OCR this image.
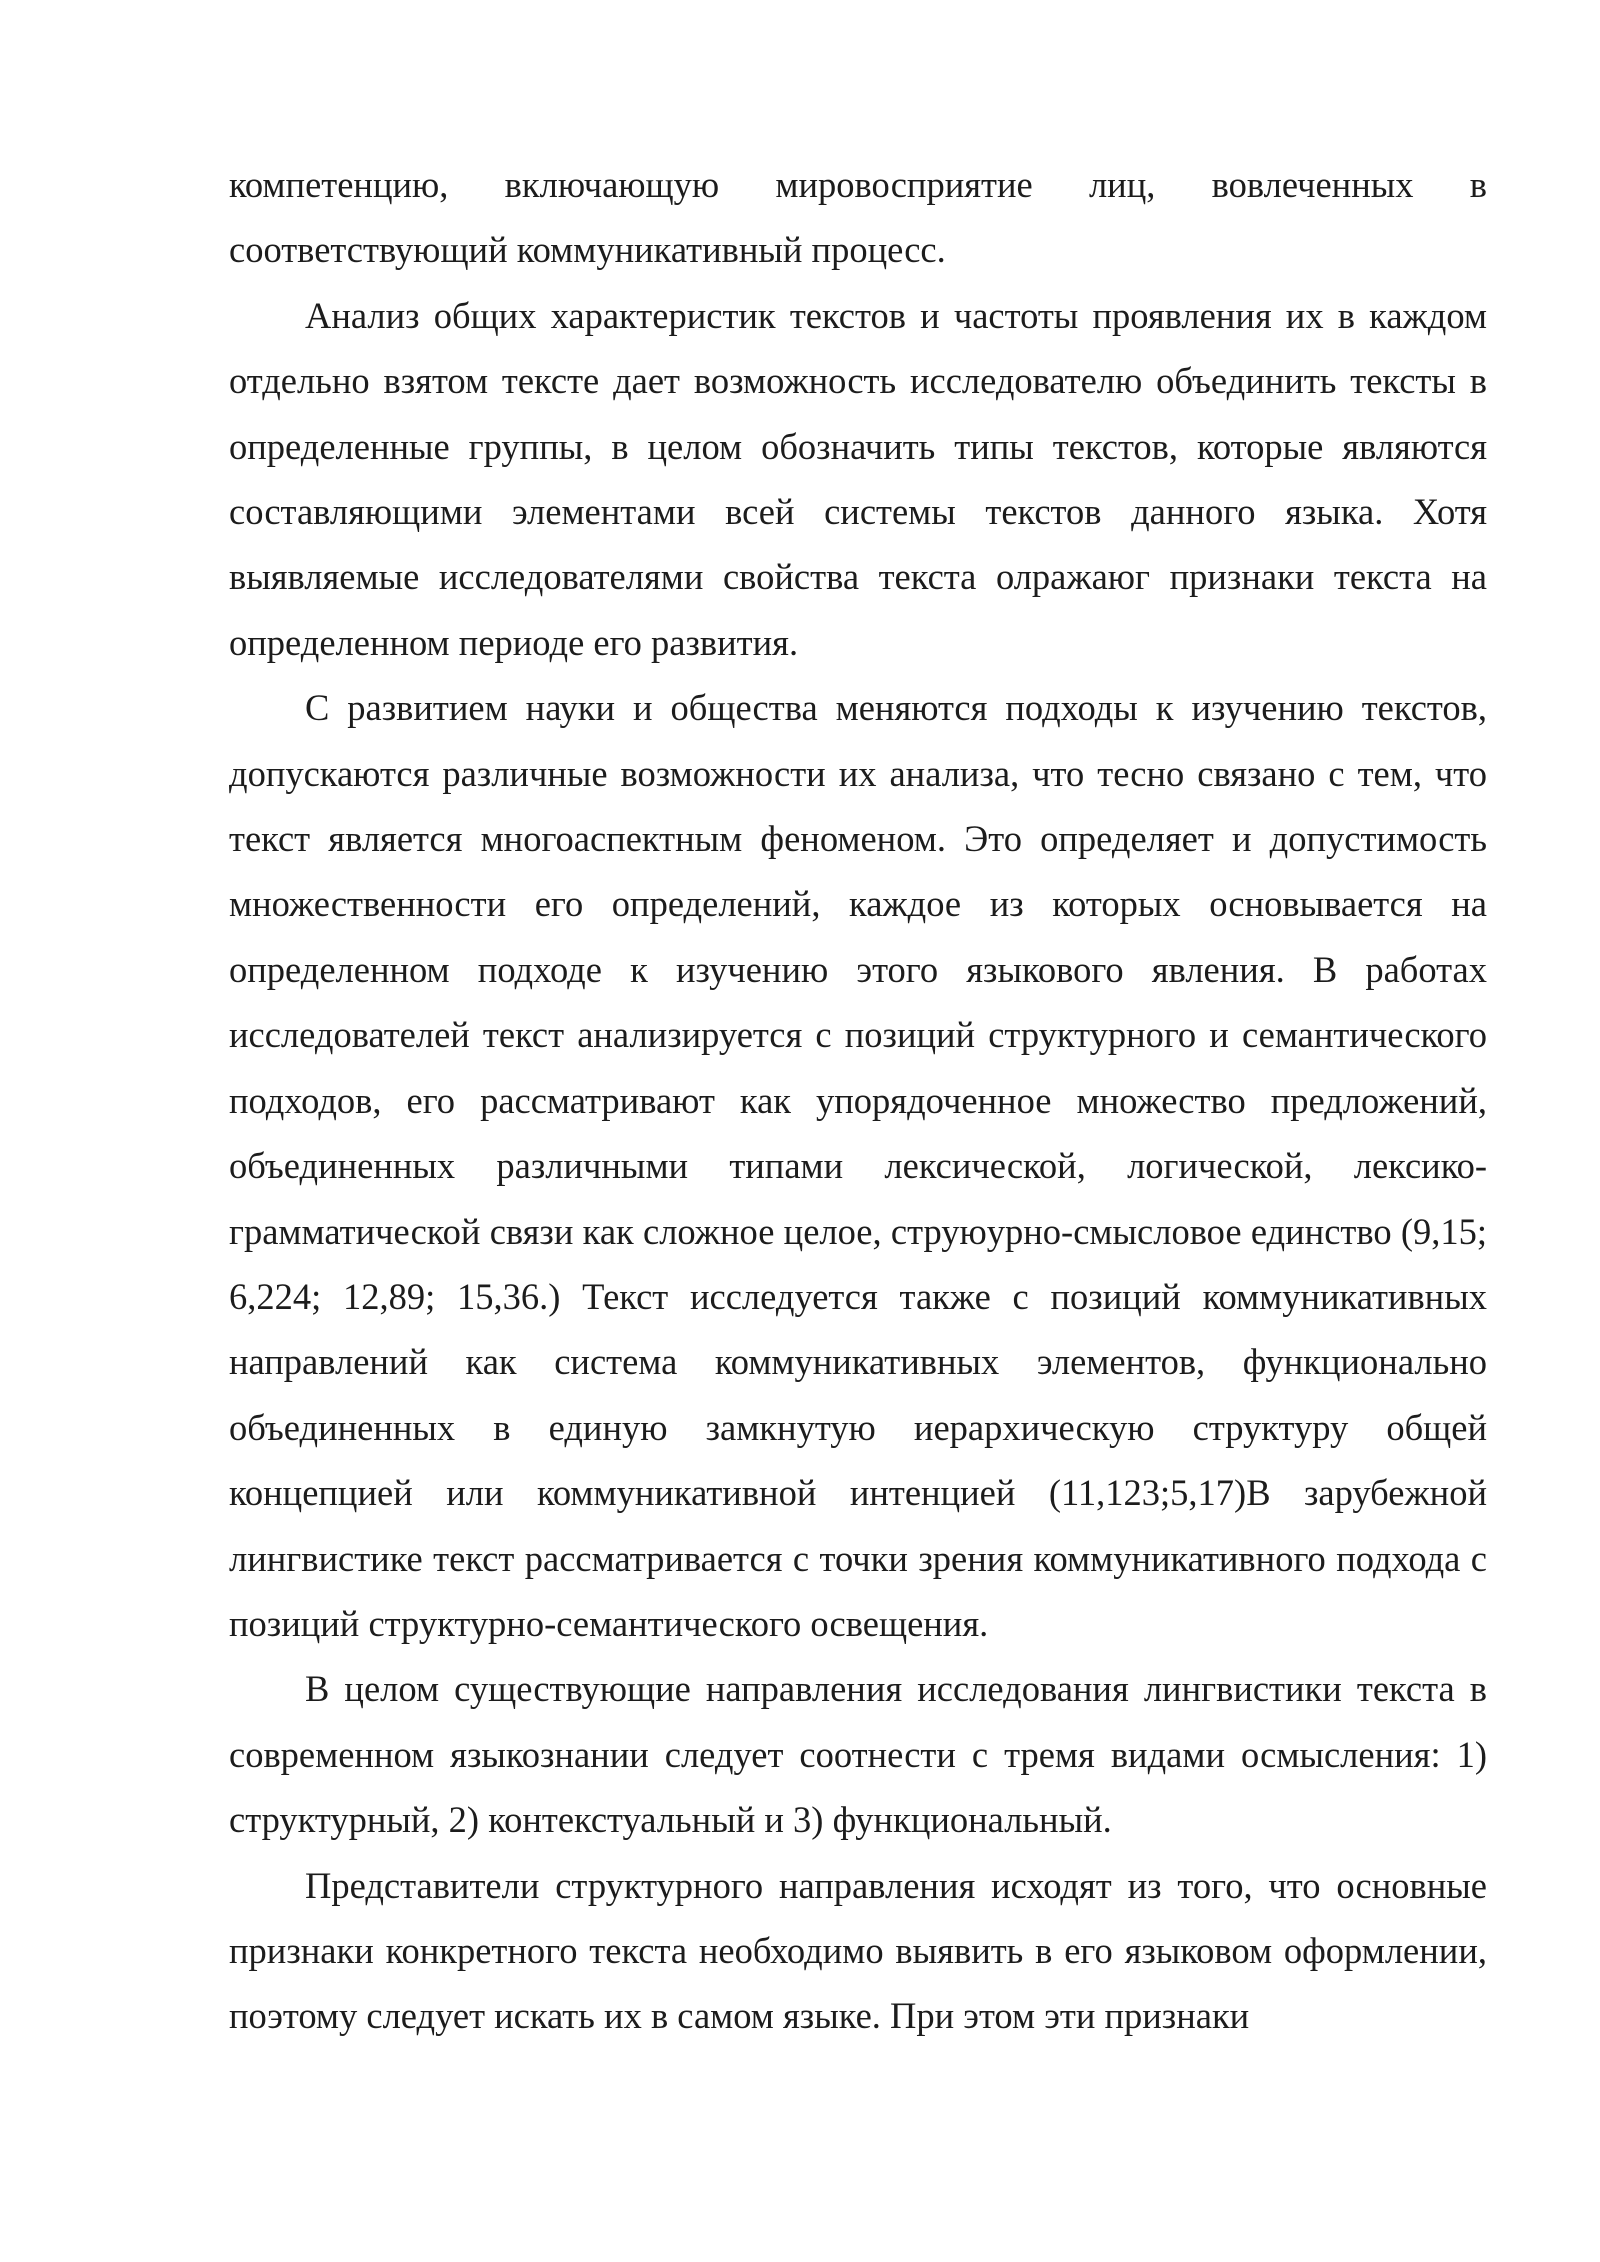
компетенцию, включающую мировосприятие лиц, вовлеченных в соответствующий коммуникативный процесс.

Анализ общих характеристик текстов и частоты проявления их в каждом отдельно взятом тексте дает возможность исследователю объединить тексты в определенные группы, в целом обозначить типы текстов, которые являются составляющими элементами всей системы текстов данного языка. Хотя выявляемые исследователями свойства текста олражаюг признаки текста на определенном периоде его развития.

С развитием науки и общества меняются подходы к изучению текстов, допускаются различные возможности их анализа, что тесно связано с тем, что текст является многоаспектным феноменом. Это определяет и допустимость множественности его определений, каждое из которых основывается на определенном подходе к изучению этого языкового явления. В работах исследователей текст анализируется с позиций структурного и семантического подходов, его рассматривают как упорядоченное множество предложений, объединенных различными типами лексической, логической, лексико-грамматической связи как сложное целое, струюурно-смысловое единство (9,15; 6,224; 12,89; 15,36.) Текст исследуется также с позиций коммуникативных направлений как система коммуникативных элементов, функционально объединенных в единую замкнутую иерархическую структуру общей концепцией или коммуникативной интенцией (11,123;5,17)В зарубежной лингвистике текст рассматривается с точки зрения коммуникативного подхода с позиций структурно-семантического освещения.

В целом существующие направления исследования лингвистики текста в современном языкознании следует соотнести с тремя видами осмысления: 1) структурный, 2) контекстуальный и 3) функциональный.

Представители структурного направления исходят из того, что основные признаки конкретного текста необходимо выявить в его языковом оформлении, поэтому следует искать их в самом языке. При этом эти признаки
